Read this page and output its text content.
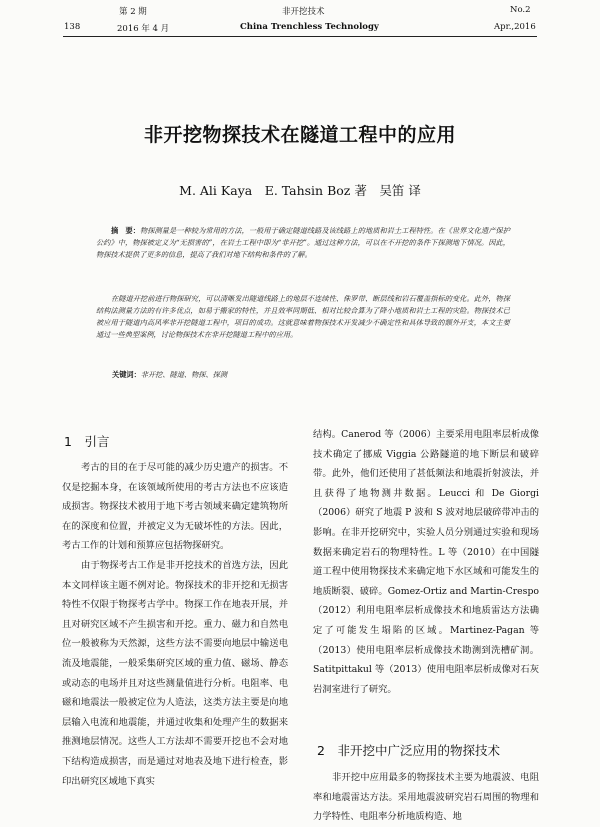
第 2 期	非开挖技术	No.2
138	2016 年 4 月	China Trenchless Technology	Apr.,2016
非开挖物探技术在隧道工程中的应用
M. Ali Kaya　E. Tahsin Boz 著　吴笛 译

摘　要：物探测量是一种较为常用的方法，一般用于确定隧道线路及该线路上的地质和岩土工程特性。在《世界文化遗产保护公约》中，物探被定义为“无损害的”，在岩土工程中即为“非开挖”。通过这种方法，可以在不开挖的条件下探测地下情况。因此，物探技术提供了更多的信息，提高了我们对地下结构和条件的了解。

在隧道开挖前进行物探研究，可以清晰发出隧道线路上的地层不连续性、侏罗带、断层线和岩石覆盖指标的变化。此外，物探结构法测量方法的有许多优点，如易于搬家的特性，并且效率同期低、相对比较合算为了降小地质和岩土工程的灾险。物探技术已被应用于隧道内高风率非开挖隧道工程中，项目的成功。这就意味着物探技术开发减少不确定性和具体导致的额外开支，本文主要通过一些典型案例，讨论物探技术在非开挖隧道工程中的应用。

关键词：非开挖、隧道、物探、探测
1　引言

考古的目的在于尽可能的减少历史遗产的损害。不仅是挖掘本身，在该领域所使用的考古方法也不应该造成损害。物探技术被用于地下考古领域来确定建筑物所在的深度和位置，并被定义为无破坏性的方法。因此，考古工作的计划和预算应包括物探研究。

由于物探考古工作是非开挖技术的首选方法，因此本文同样该主题不例对论。物探技术的非开挖和无损害特性不仅限于物探考古学中。物探工作在地表开展，并且对研究区域不产生损害和开挖。重力、磁力和自然电位一般被称为天然源，这些方法不需要向地层中输送电流及地震能，一般采集研究区域的重力值、磁场、静态或动态的电场并且对这些测量值进行分析。电阻率、电磁和地震法一般被定位为人造法，这类方法主要是向地层输入电流和地震能，并通过收集和处理产生的数据来推测地层情况。这些人工方法却不需要开挖也不会对地下结构造成损害，而是通过对地表及地下进行检查，影印出研究区域地下真实

结构。Canerod 等（2006）主要采用电阻率层析成像技术确定了挪威 Viggia 公路隧道的地下断层和破碎带。此外，他们还使用了甚低频法和地震折射波法，并且获得了地物测井数据。Leucci 和 De Giorgi（2006）研究了地震 P 波和 S 波对地层破碎带冲击的影响。在非开挖研究中，实验人员分别通过实验和现场数据来确定岩石的物理特性。L 等（2010）在中国隧道工程中使用物探技术来确定地下水区域和可能发生的地质断裂、破碎。Gomez-Ortiz and Martin-Crespo（2012）利用电阻率层析成像技术和地质雷达方法确定了可能发生塌陷的区域。Martinez-Pagan 等（2013）使用电阻率层析成像技术勘测到洗槽矿洞。Satitpittakul 等（2013）使用电阻率层析成像对石灰岩洞室进行了研究。

2　非开挖中广泛应用的物探技术

非开挖中应用最多的物探技术主要为地震波、电阻率和地震雷达方法。采用地震波研究岩石周围的物理和力学特性、电阻率分析地质构造、地
